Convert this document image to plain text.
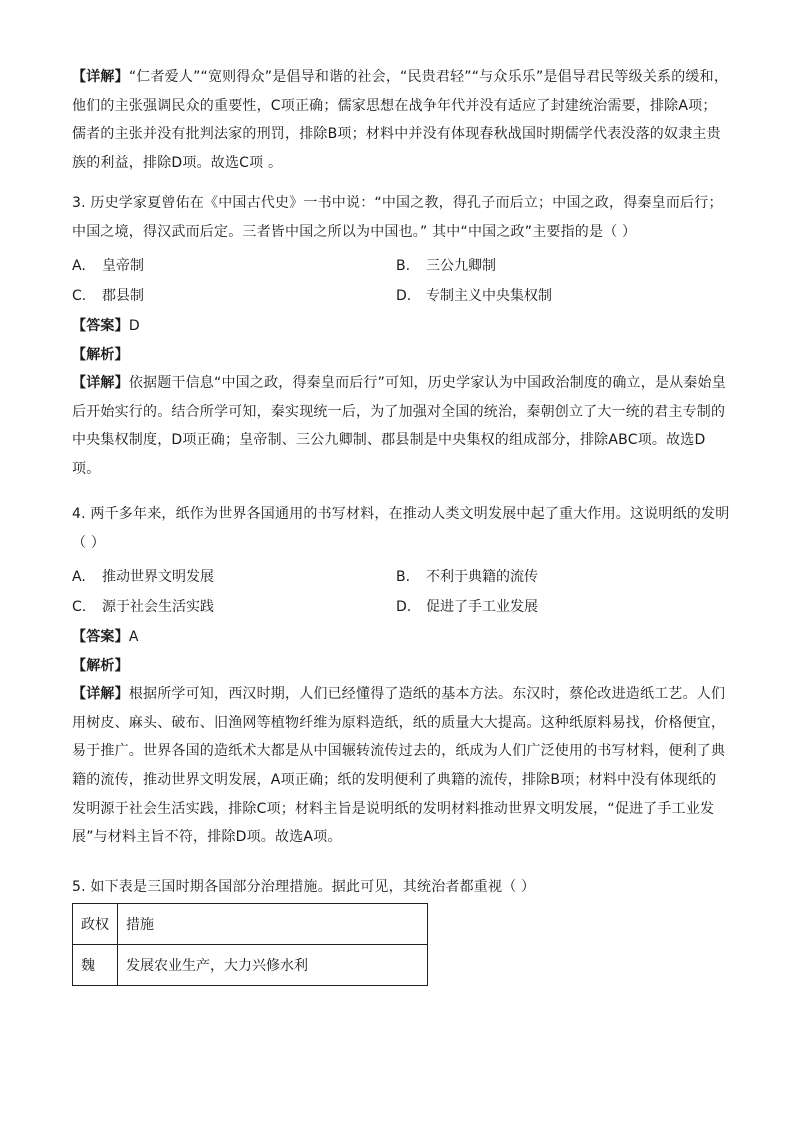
【详解】“仁者爱人”“宽则得众”是倡导和谐的社会，“民贵君轻”“与众乐乐”是倡导君民等级关系的缓和，
他们的主张强调民众的重要性，C项正确；儒家思想在战争年代并没有适应了封建统治需要，排除A项；
儒者的主张并没有批判法家的刑罚，排除B项；材料中并没有体现春秋战国时期儒学代表没落的奴隶主贵
族的利益，排除D项。故选C项 。
3. 历史学家夏曾佑在《中国古代史》一书中说：“中国之教，得孔子而后立；中国之政，得秦皇而后行；
中国之境，得汉武而后定。三者皆中国之所以为中国也。” 其中“中国之政”主要指的是（ ）
A. 皇帝制	B. 三公九卿制
C. 郡县制	D. 专制主义中央集权制
【答案】D
【解析】
【详解】依据题干信息“中国之政，得秦皇而后行”可知，历史学家认为中国政治制度的确立，是从秦始皇
后开始实行的。结合所学可知，秦实现统一后，为了加强对全国的统治，秦朝创立了大一统的君主专制的
中央集权制度，D项正确；皇帝制、三公九卿制、郡县制是中央集权的组成部分，排除ABC项。故选D
项。
4. 两千多年来，纸作为世界各国通用的书写材料，在推动人类文明发展中起了重大作用。这说明纸的发明
（ ）
A. 推动世界文明发展	B. 不利于典籍的流传
C. 源于社会生活实践	D. 促进了手工业发展
【答案】A
【解析】
【详解】根据所学可知，西汉时期，人们已经懂得了造纸的基本方法。东汉时，蔡伦改进造纸工艺。人们
用树皮、麻头、破布、旧渔网等植物纤维为原料造纸，纸的质量大大提高。这种纸原料易找，价格便宜，
易于推广。世界各国的造纸术大都是从中国辗转流传过去的，纸成为人们广泛使用的书写材料，便利了典
籍的流传，推动世界文明发展，A项正确；纸的发明便利了典籍的流传，排除B项；材料中没有体现纸的
发明源于社会生活实践，排除C项；材料主旨是说明纸的发明材料推动世界文明发展，“促进了手工业发
展”与材料主旨不符，排除D项。故选A项。
5. 如下表是三国时期各国部分治理措施。据此可见，其统治者都重视（ ）
政权	措施
魏	发展农业生产，大力兴修水利
